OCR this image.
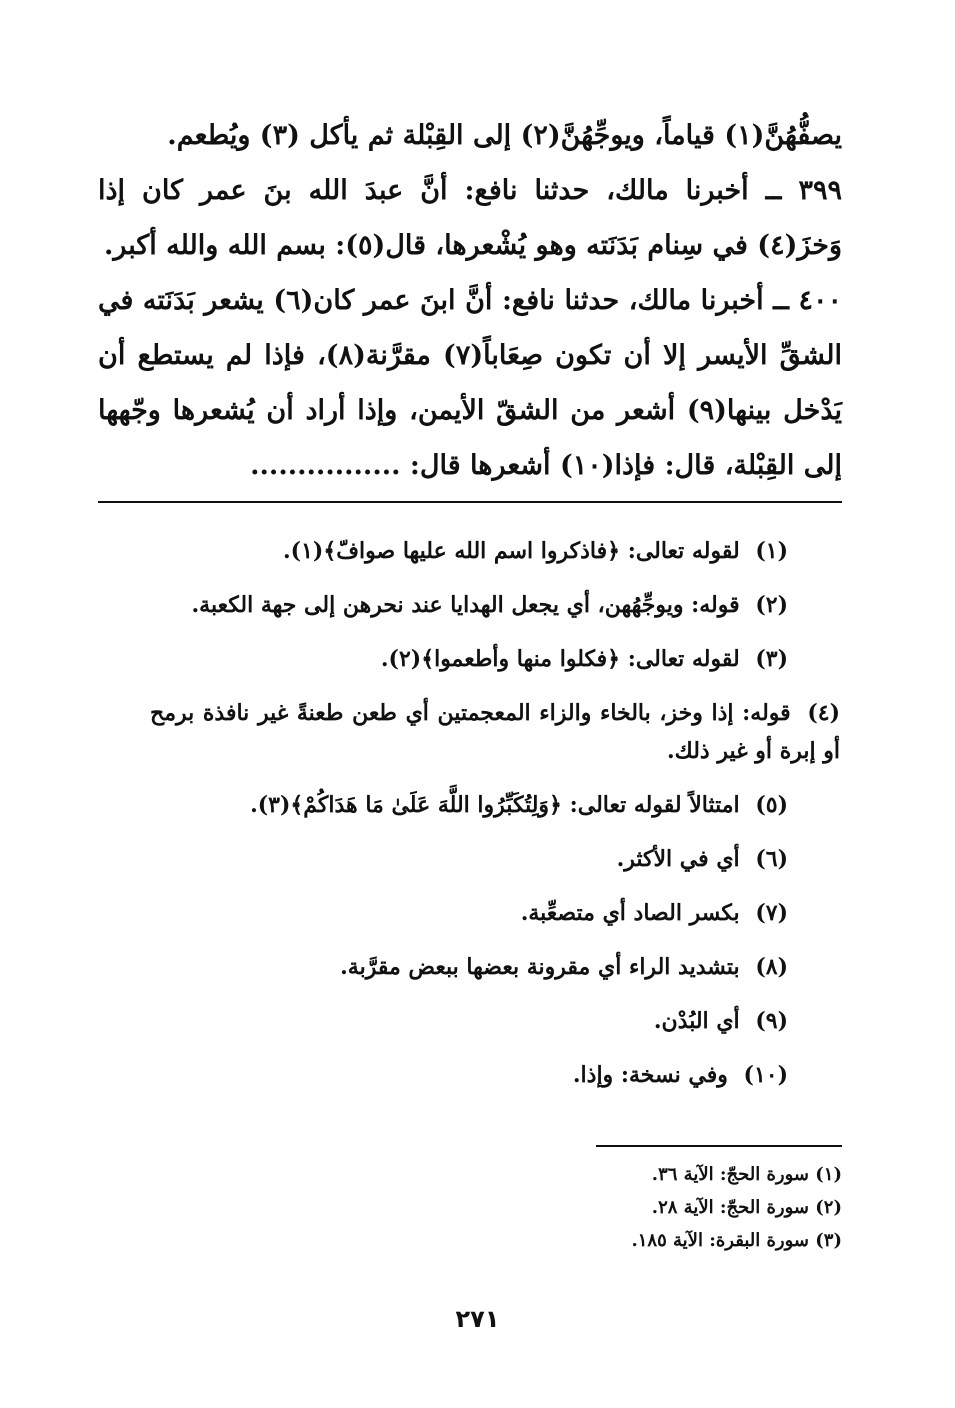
يصفُّهُنَّ(١) قياماً، ويوجِّهُنَّ(٢) إلى القِبْلة ثم يأكل (٣) ويُطعم.

٣٩٩ ــ أخبرنا مالك، حدثنا نافع: أنَّ عبدَ الله بنَ عمر كان إذا وَخزَ(٤) في سِنام بَدَنَته وهو يُشْعرها، قال(٥): بسم الله والله أكبر.

٤٠٠ ــ أخبرنا مالك، حدثنا نافع: أنَّ ابنَ عمر كان(٦) يشعر بَدَنَته في الشقِّ الأيسر إلا أن تكون صِعَاباً(٧) مقرَّنة(٨)، فإذا لم يستطع أن يَدْخل بينها(٩) أشعر من الشقّ الأيمن، وإذا أراد أن يُشعرها وجّهها إلى القِبْلة، قال: فإذا(١٠) أشعرها قال: ................

(١) لقوله تعالى: ﴿فاذكروا اسم الله عليها صوافّ﴾(١).

(٢) قوله: ويوجِّهُهن، أي يجعل الهدايا عند نحرهن إلى جهة الكعبة.

(٣) لقوله تعالى: ﴿فكلوا منها وأطعموا﴾(٢).

(٤) قوله: إذا وخز، بالخاء والزاء المعجمتين أي طعن طعنةً غير نافذة برمح أو إبرة أو غير ذلك.

(٥) امتثالاً لقوله تعالى: ﴿وَلِتُكَبِّرُوا اللَّهَ عَلَىٰ مَا هَدَاكُمْ﴾(٣).

(٦) أي في الأكثر.

(٧) بكسر الصاد أي متصعِّبة.

(٨) بتشديد الراء أي مقرونة بعضها ببعض مقرَّبة.

(٩) أي البُدْن.

(١٠) وفي نسخة: وإذا.

(١) سورة الحجّ: الآية ٣٦.

(٢) سورة الحجّ: الآية ٢٨.

(٣) سورة البقرة: الآية ١٨٥.

٢٧١
